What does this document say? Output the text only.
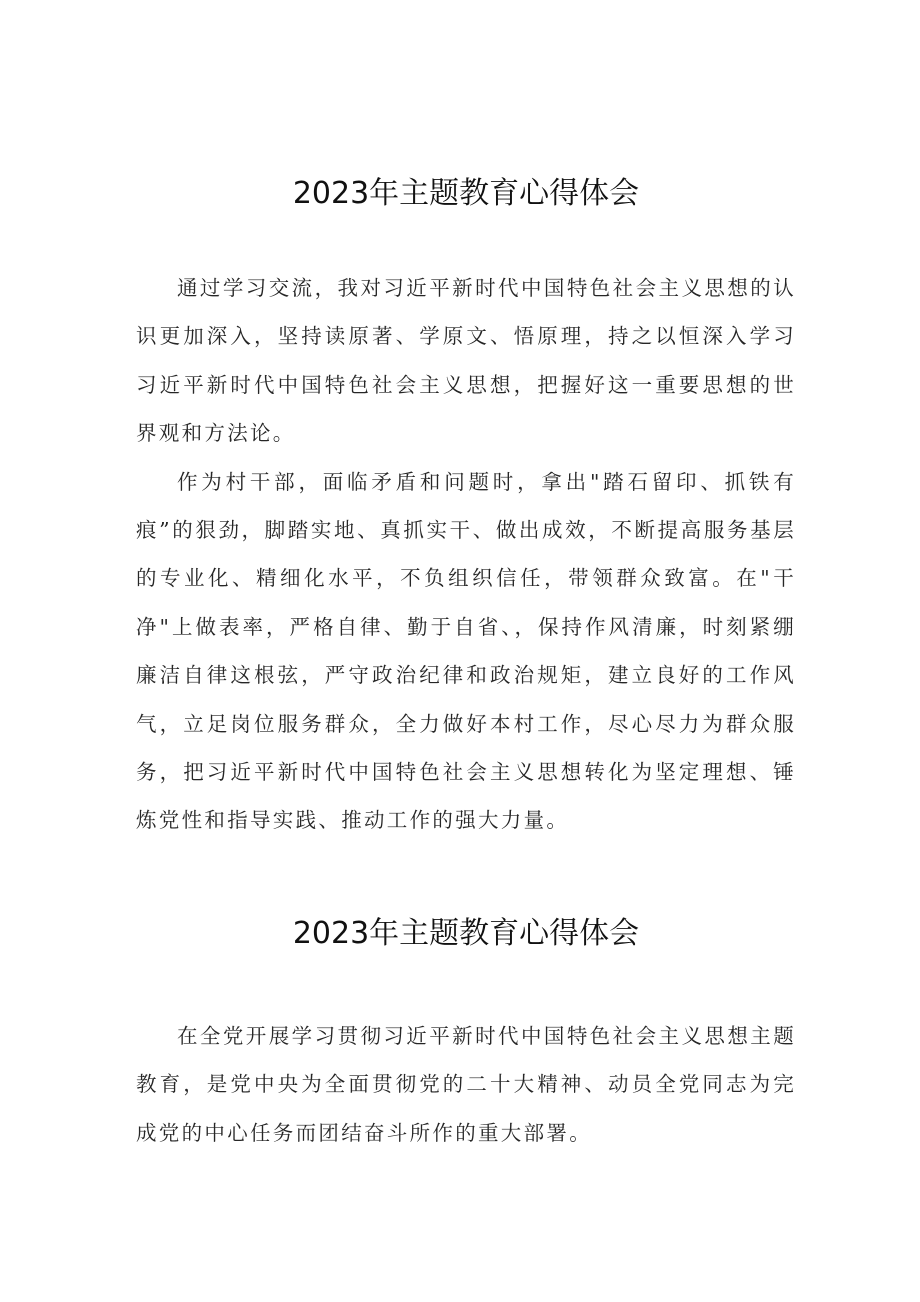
2023年主题教育心得体会

通过学习交流，我对习近平新时代中国特色社会主义思想的认识更加深入，坚持读原著、学原文、悟原理，持之以恒深入学习习近平新时代中国特色社会主义思想，把握好这一重要思想的世界观和方法论。

作为村干部，面临矛盾和问题时，拿出"踏石留印、抓铁有痕”的狠劲，脚踏实地、真抓实干、做出成效，不断提高服务基层的专业化、精细化水平，不负组织信任，带领群众致富。在"干净"上做表率，严格自律、勤于自省、，保持作风清廉，时刻紧绷廉洁自律这根弦，严守政治纪律和政治规矩，建立良好的工作风气，立足岗位服务群众，全力做好本村工作，尽心尽力为群众服务，把习近平新时代中国特色社会主义思想转化为坚定理想、锤炼党性和指导实践、推动工作的强大力量。

2023年主题教育心得体会

在全党开展学习贯彻习近平新时代中国特色社会主义思想主题教育，是党中央为全面贯彻党的二十大精神、动员全党同志为完成党的中心任务而团结奋斗所作的重大部署。
